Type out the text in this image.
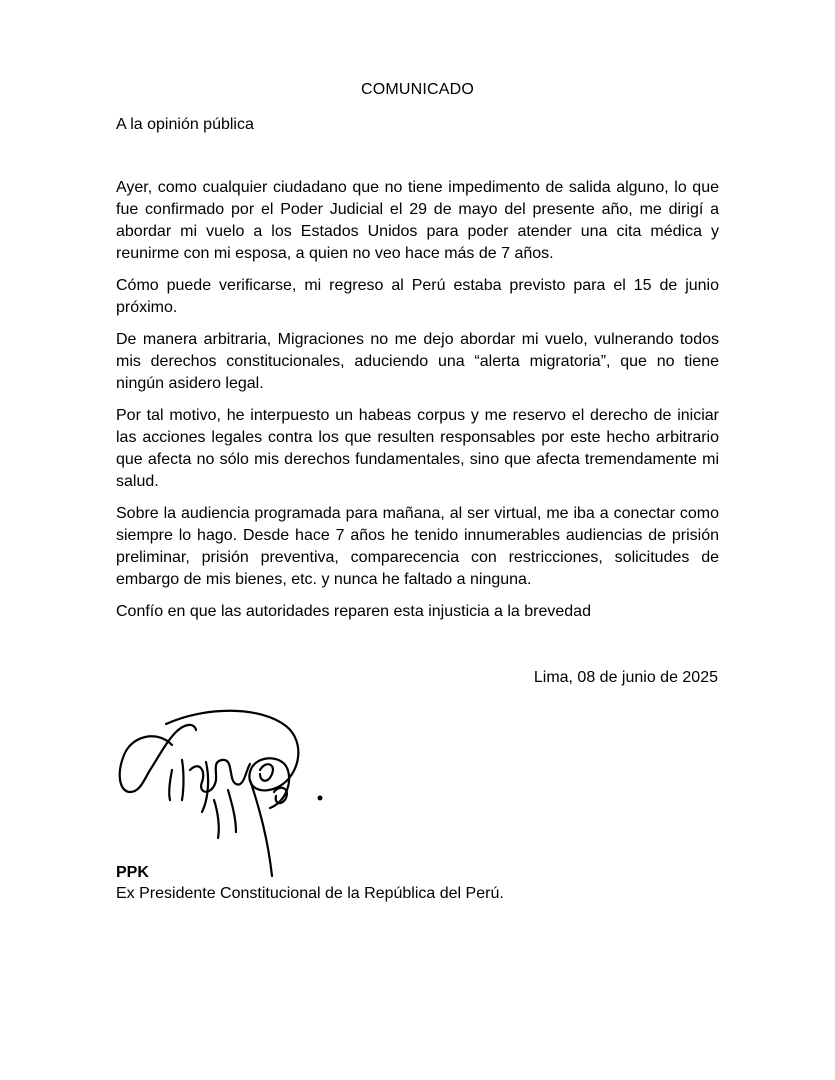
COMUNICADO
A la opinión pública

Ayer, como cualquier ciudadano que no tiene impedimento de salida alguno, lo que fue confirmado por el Poder Judicial el 29 de mayo del presente año, me dirigí a abordar mi vuelo a los Estados Unidos para poder atender una cita médica y reunirme con mi esposa, a quien no veo hace más de 7 años.

Cómo puede verificarse, mi regreso al Perú estaba previsto para el 15 de junio próximo.

De manera arbitraria, Migraciones no me dejo abordar mi vuelo, vulnerando todos mis derechos constitucionales, aduciendo una “alerta migratoria”, que no tiene ningún asidero legal.

Por tal motivo, he interpuesto un habeas corpus y me reservo el derecho de iniciar las acciones legales contra los que resulten responsables por este hecho arbitrario que afecta no sólo mis derechos fundamentales, sino que afecta tremendamente mi salud.

Sobre la audiencia programada para mañana, al ser virtual, me iba a conectar como siempre lo hago. Desde hace 7 años he tenido innumerables audiencias de prisión preliminar, prisión preventiva, comparecencia con restricciones, solicitudes de embargo de mis bienes, etc. y nunca he faltado a ninguna.

Confío en que las autoridades reparen esta injusticia a la brevedad

Lima, 08 de junio de 2025
PPK
Ex Presidente Constitucional de la República del Perú.
